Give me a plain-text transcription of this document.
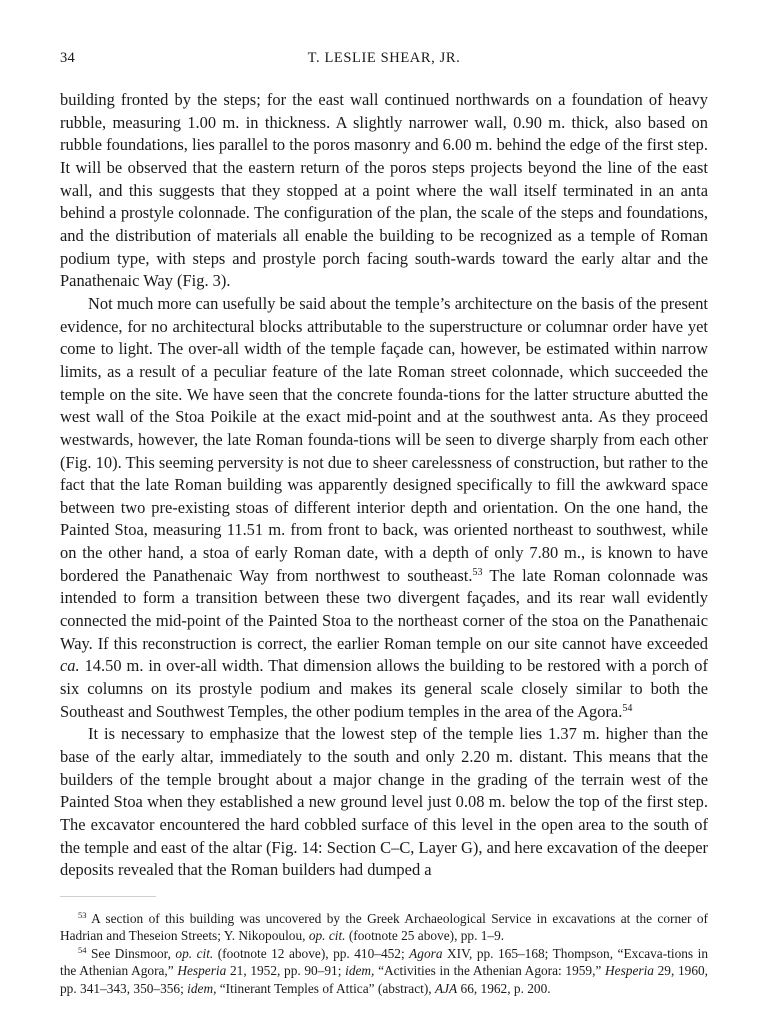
34	T. LESLIE SHEAR, JR.

building fronted by the steps; for the east wall continued northwards on a foundation of heavy rubble, measuring 1.00 m. in thickness. A slightly narrower wall, 0.90 m. thick, also based on rubble foundations, lies parallel to the poros masonry and 6.00 m. behind the edge of the first step. It will be observed that the eastern return of the poros steps projects beyond the line of the east wall, and this suggests that they stopped at a point where the wall itself terminated in an anta behind a prostyle colonnade. The configuration of the plan, the scale of the steps and foundations, and the distribution of materials all enable the building to be recognized as a temple of Roman podium type, with steps and prostyle porch facing south-wards toward the early altar and the Panathenaic Way (Fig. 3).

Not much more can usefully be said about the temple’s architecture on the basis of the present evidence, for no architectural blocks attributable to the superstructure or columnar order have yet come to light. The over-all width of the temple façade can, however, be estimated within narrow limits, as a result of a peculiar feature of the late Roman street colonnade, which succeeded the temple on the site. We have seen that the concrete founda-tions for the latter structure abutted the west wall of the Stoa Poikile at the exact mid-point and at the southwest anta. As they proceed westwards, however, the late Roman founda-tions will be seen to diverge sharply from each other (Fig. 10). This seeming perversity is not due to sheer carelessness of construction, but rather to the fact that the late Roman building was apparently designed specifically to fill the awkward space between two pre-existing stoas of different interior depth and orientation. On the one hand, the Painted Stoa, measuring 11.51 m. from front to back, was oriented northeast to southwest, while on the other hand, a stoa of early Roman date, with a depth of only 7.80 m., is known to have bordered the Panathenaic Way from northwest to southeast.$^{53}$ The late Roman colonnade was intended to form a transition between these two divergent façades, and its rear wall evidently connected the mid-point of the Painted Stoa to the northeast corner of the stoa on the Panathenaic Way. If this reconstruction is correct, the earlier Roman temple on our site cannot have exceeded ca. 14.50 m. in over-all width. That dimension allows the building to be restored with a porch of six columns on its prostyle podium and makes its general scale closely similar to both the Southeast and Southwest Temples, the other podium temples in the area of the Agora.$^{54}$

It is necessary to emphasize that the lowest step of the temple lies 1.37 m. higher than the base of the early altar, immediately to the south and only 2.20 m. distant. This means that the builders of the temple brought about a major change in the grading of the terrain west of the Painted Stoa when they established a new ground level just 0.08 m. below the top of the first step. The excavator encountered the hard cobbled surface of this level in the open area to the south of the temple and east of the altar (Fig. 14: Section C–C, Layer G), and here excavation of the deeper deposits revealed that the Roman builders had dumped a

$^{53}$ A section of this building was uncovered by the Greek Archaeological Service in excavations at the corner of Hadrian and Theseion Streets; Y. Nikopoulou, op. cit. (footnote 25 above), pp. 1–9.

$^{54}$ See Dinsmoor, op. cit. (footnote 12 above), pp. 410–452; Agora XIV, pp. 165–168; Thompson, “Excava-tions in the Athenian Agora,” Hesperia 21, 1952, pp. 90–91; idem, “Activities in the Athenian Agora: 1959,” Hesperia 29, 1960, pp. 341–343, 350–356; idem, “Itinerant Temples of Attica” (abstract), AJA 66, 1962, p. 200.
